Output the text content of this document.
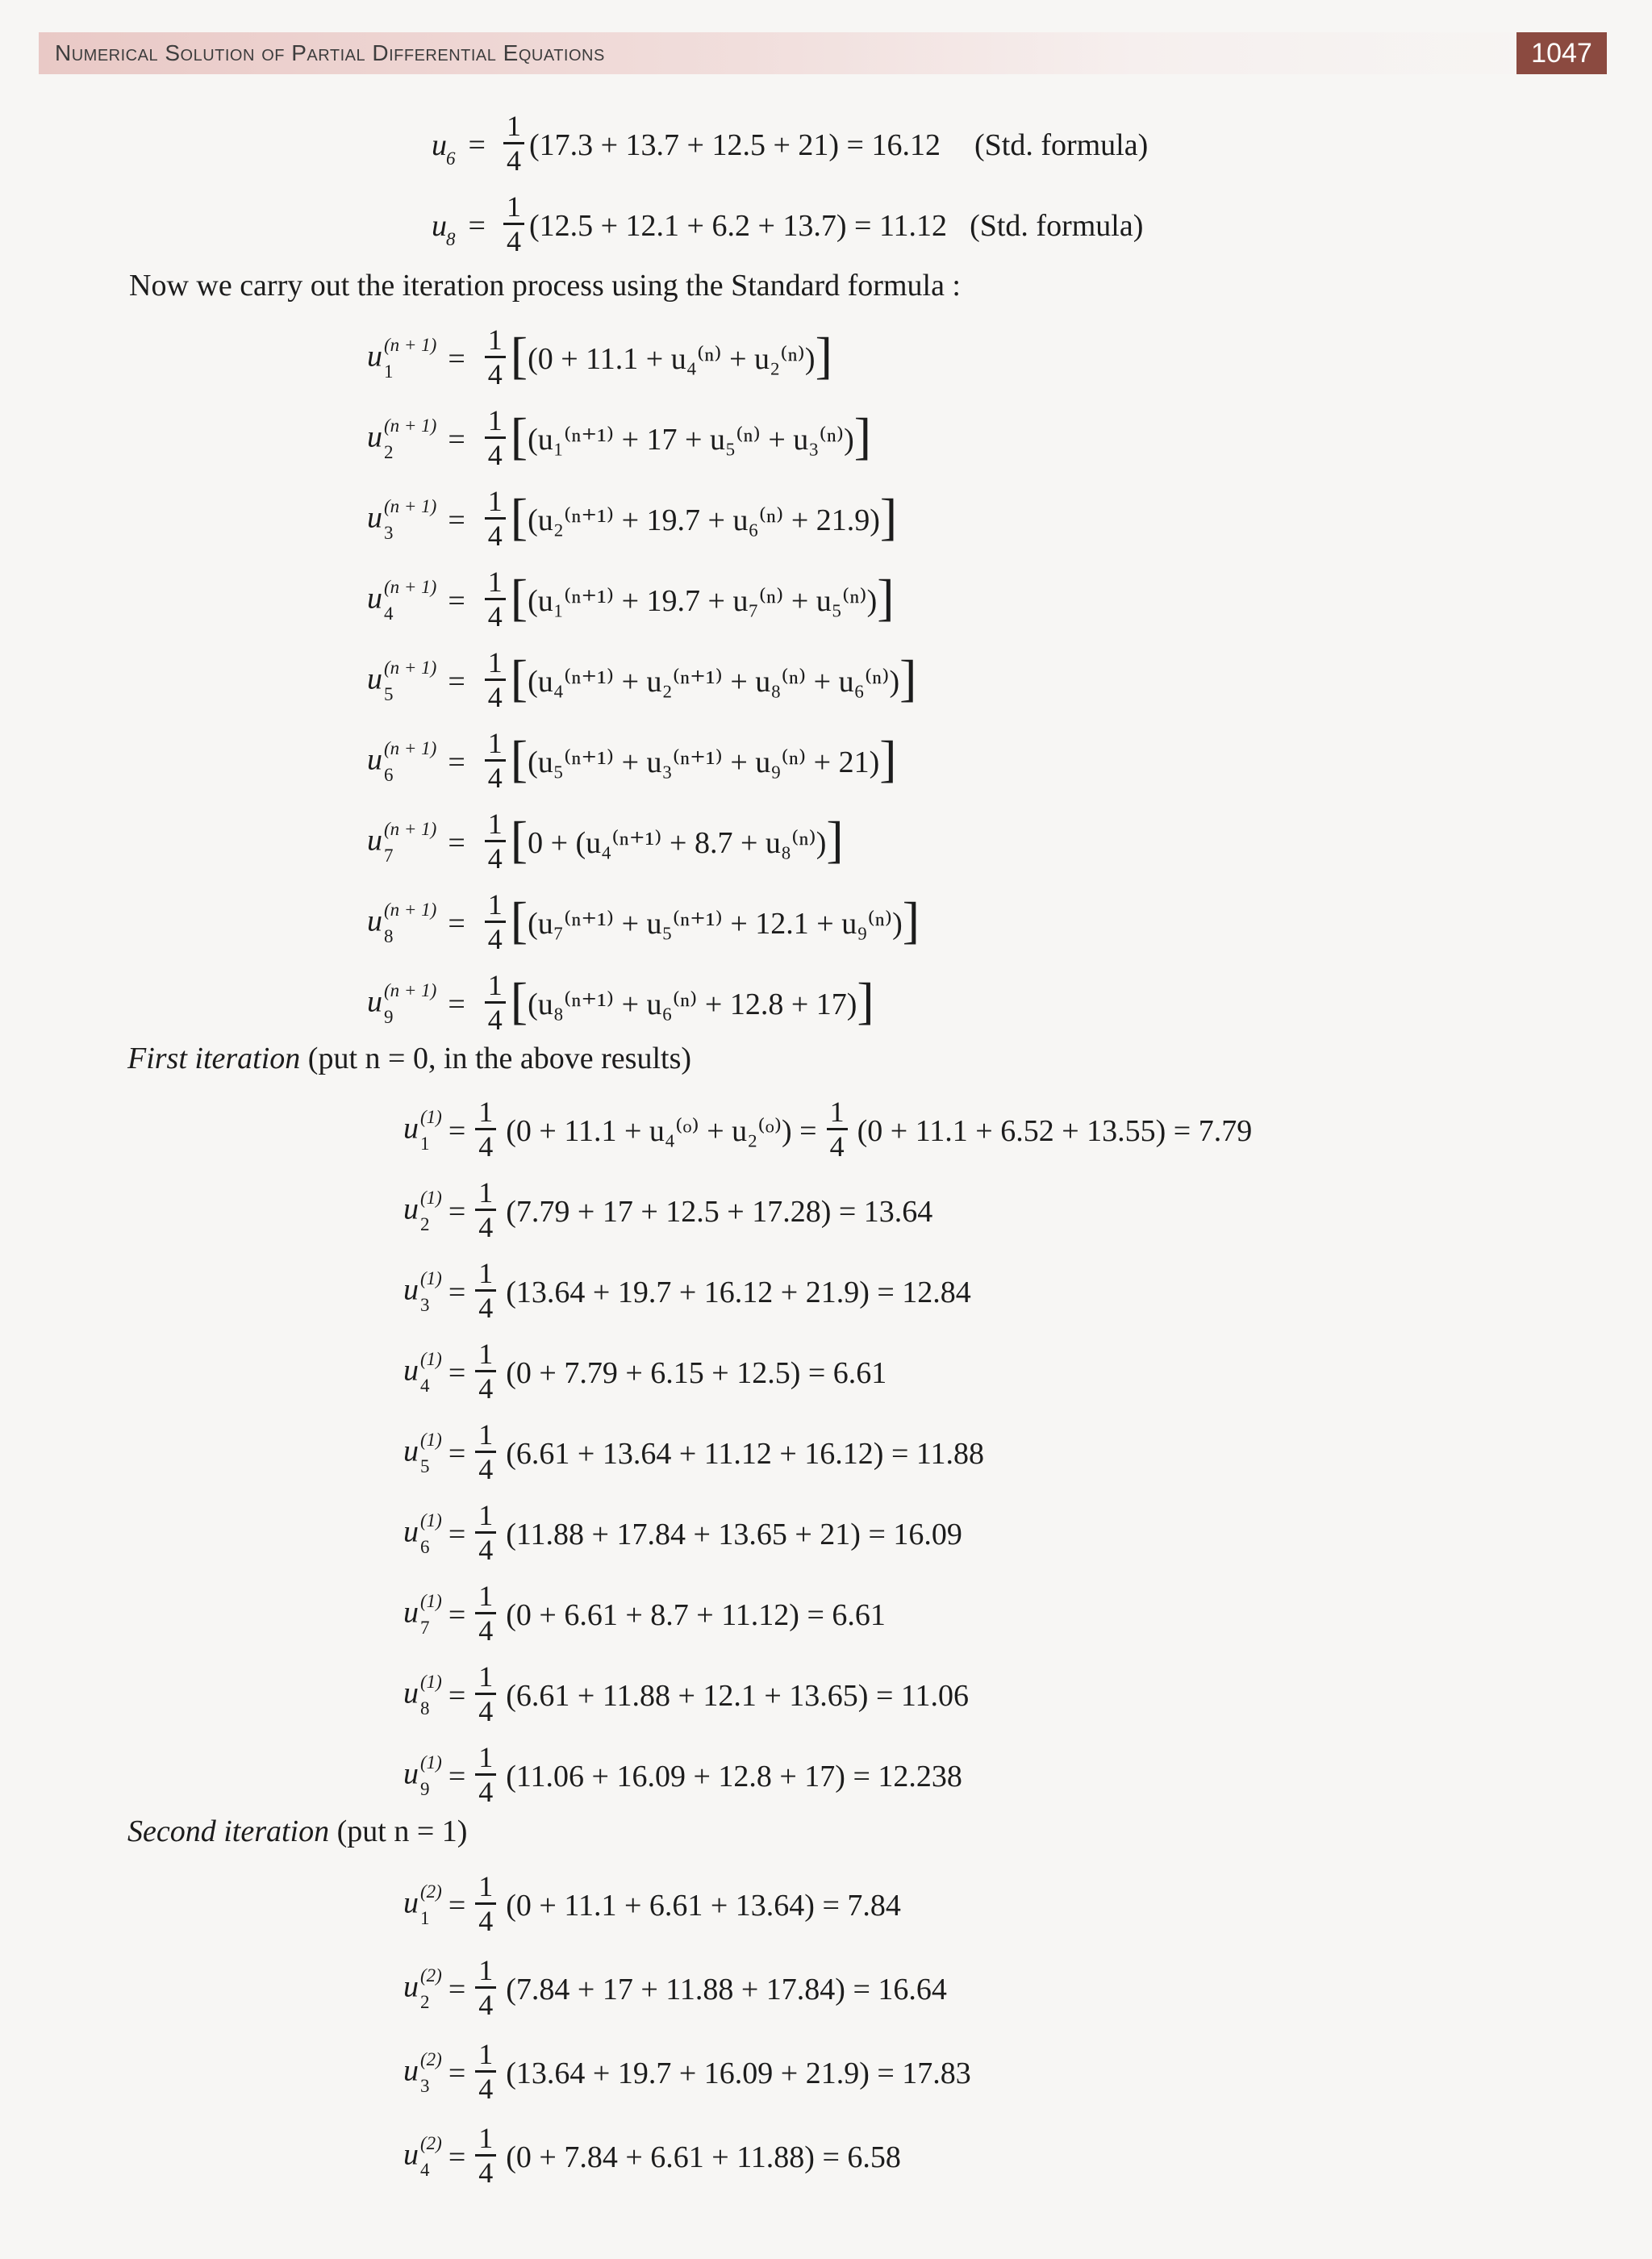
Numerical Solution of Partial Differential Equations	1047
$u_6 = \frac{1}{4} (17.3 + 13.7 + 12.5 + 21) = 16.12$ (Std. formula)
$u_8 = \frac{1}{4} (12.5 + 12.1 + 6.2 + 13.7) = 11.12$ (Std. formula)
Now we carry out the iteration process using the Standard formula :
u (n + 1)
1	= $\frac{1}{4}$ [ (0 + 11.1 + u₄⁽ⁿ⁾ + u₂⁽ⁿ⁾) ]
u (n + 1)
2	= $\frac{1}{4}$ [ (u₁⁽ⁿ⁺¹⁾ + 17 + u₅⁽ⁿ⁾ + u₃⁽ⁿ⁾) ]
u (n + 1)
3	= $\frac{1}{4}$ [ (u₂⁽ⁿ⁺¹⁾ + 19.7 + u₆⁽ⁿ⁾ + 21.9) ]
u (n + 1)
4	= $\frac{1}{4}$ [ (u₁⁽ⁿ⁺¹⁾ + 19.7 + u₇⁽ⁿ⁾ + u₅⁽ⁿ⁾) ]
u (n + 1)
5	= $\frac{1}{4}$ [ (u₄⁽ⁿ⁺¹⁾ + u₂⁽ⁿ⁺¹⁾ + u₈⁽ⁿ⁾ + u₆⁽ⁿ⁾) ]
u (n + 1)
6	= $\frac{1}{4}$ [ (u₅⁽ⁿ⁺¹⁾ + u₃⁽ⁿ⁺¹⁾ + u₉⁽ⁿ⁾ + 21) ]
u (n + 1)
7	= $\frac{1}{4}$ [ 0 + (u₄⁽ⁿ⁺¹⁾ + 8.7 + u₈⁽ⁿ⁾) ]
u (n + 1)
8	= $\frac{1}{4}$ [ (u₇⁽ⁿ⁺¹⁾ + u₅⁽ⁿ⁺¹⁾ + 12.1 + u₉⁽ⁿ⁾) ]
u (n + 1)
9	= $\frac{1}{4}$ [ (u₈⁽ⁿ⁺¹⁾ + u₆⁽ⁿ⁾ + 12.8 + 17) ]
First iteration (put n = 0, in the above results)
u (1)
$1 = \frac{1}{4} (0 + 11.1$ + u₄⁽ᵒ⁾ + u₂⁽ᵒ⁾) = $\frac{1}{4} (0 + 11.1 + 6.52 + 13.55) = 7.79$
u (1)
$2 = \frac{1}{4} (7.79 + 17 + 12.5 + 17.28) = 13.64$
u (1)
$3 = \frac{1}{4} (13.64 + 19.7 + 16.12 + 21.9) = 12.84$
u (1)
$4 = \frac{1}{4} (0 + 7.79 + 6.15 + 12.5) = 6.61$
u (1)
$5 = \frac{1}{4} (6.61 + 13.64 + 11.12 + 16.12) = 11.88$
u (1)
$6 = \frac{1}{4} (11.88 + 17.84 + 13.65 + 21) = 16.09$
u (1)
$7 = \frac{1}{4} (0 + 6.61 + 8.7 + 11.12) = 6.61$
u (1)
$8 = \frac{1}{4} (6.61 + 11.88 + 12.1 + 13.65) = 11.06$
u (1)
$9 = \frac{1}{4} (11.06 + 16.09 + 12.8 + 17) = 12.238$
Second iteration (put n = 1)
u (2)
$1 = \frac{1}{4} (0 + 11.1 + 6.61 + 13.64) = 7.84$
u (2)
$2 = \frac{1}{4} (7.84 + 17 + 11.88 + 17.84) = 16.64$
u (2)
$3 = \frac{1}{4} (13.64 + 19.7 + 16.09 + 21.9) = 17.83$
u (2)
$4 = \frac{1}{4} (0 + 7.84 + 6.61 + 11.88) = 6.58$
